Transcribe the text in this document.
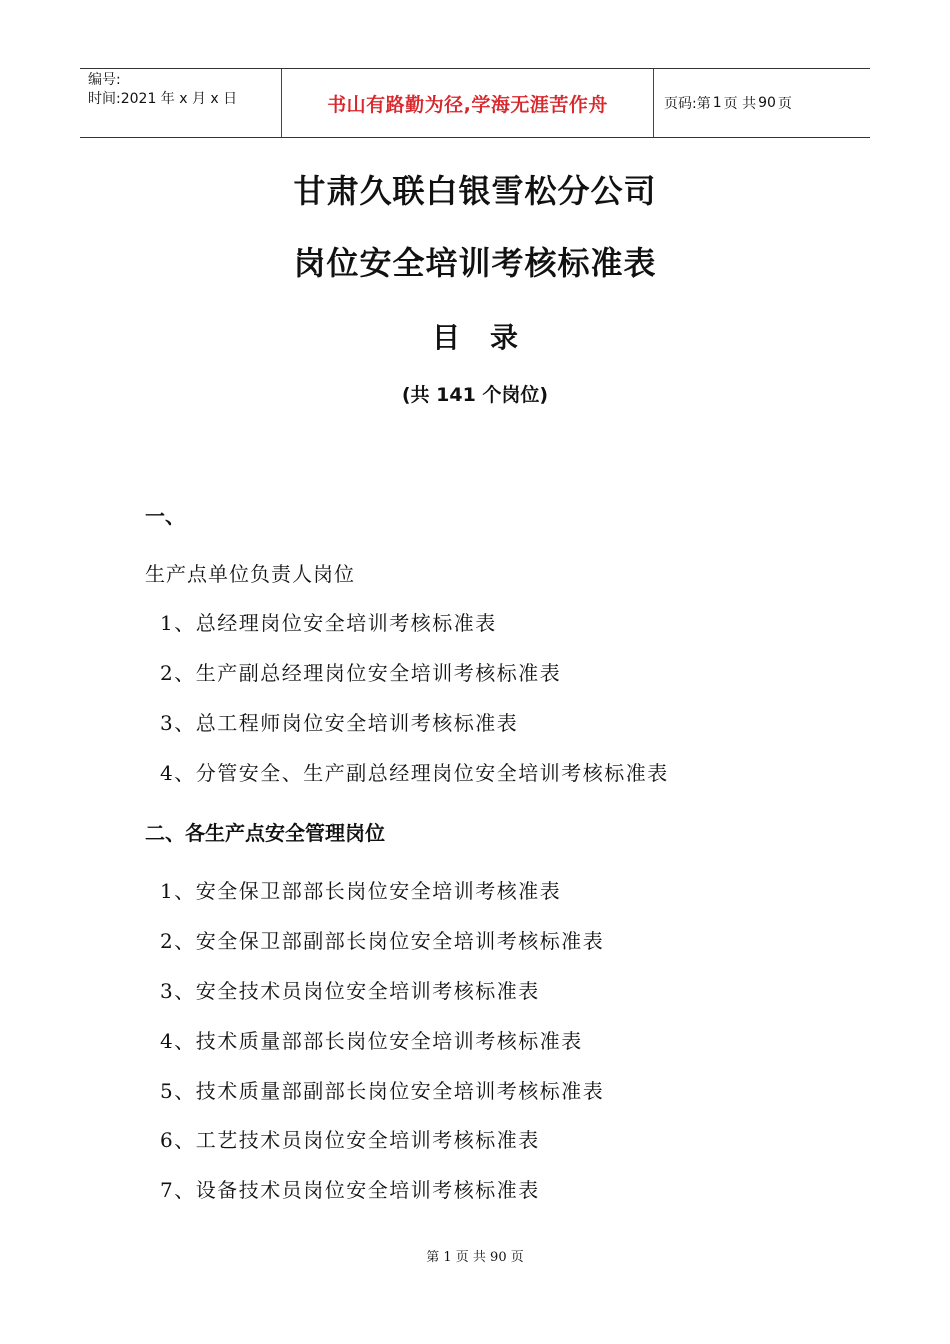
编号:
时间:2021 年 x 月 x 日	书山有路勤为径,学海无涯苦作舟	页码:第 1 页 共 90 页
甘肃久联白银雪松分公司
岗位安全培训考核标准表
目录
(共 141 个岗位)
一、
生产点单位负责人岗位
1、总经理岗位安全培训考核标准表
2、生产副总经理岗位安全培训考核标准表
3、总工程师岗位安全培训考核标准表
4、分管安全、生产副总经理岗位安全培训考核标准表
二、各生产点安全管理岗位
1、安全保卫部部长岗位安全培训考核准表
2、安全保卫部副部长岗位安全培训考核标准表
3、安全技术员岗位安全培训考核标准表
4、技术质量部部长岗位安全培训考核标准表
5、技术质量部副部长岗位安全培训考核标准表
6、工艺技术员岗位安全培训考核标准表
7、设备技术员岗位安全培训考核标准表
第 1 页 共 90 页
